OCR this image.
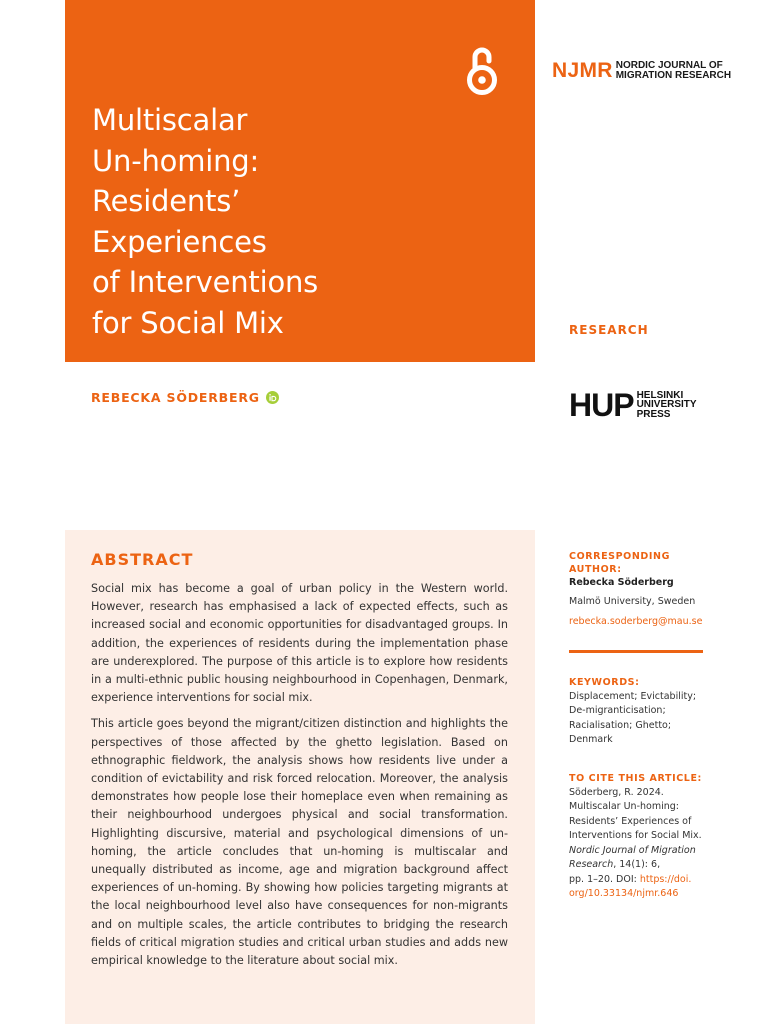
Multiscalar
Un-homing:
Residents’
Experiences
of Interventions
for Social Mix
NJMR NORDIC JOURNAL OF
MIGRATION RESEARCH
RESEARCH
REBECKA SÖDERBERG	HUP HELSINKI
UNIVERSITY
PRESS
ABSTRACT

Social mix has become a goal of urban policy in the Western world. However, research has emphasised a lack of expected effects, such as increased social and economic opportunities for disadvantaged groups. In addition, the experiences of residents during the implementation phase are underexplored. The purpose of this article is to explore how residents in a multi-ethnic public housing neighbourhood in Copenhagen, Denmark, experience interventions for social mix.

This article goes beyond the migrant/citizen distinction and highlights the perspectives of those affected by the ghetto legislation. Based on ethnographic fieldwork, the analysis shows how residents live under a condition of evictability and risk forced relocation. Moreover, the analysis demonstrates how people lose their homeplace even when remaining as their neighbourhood undergoes physical and social transformation. Highlighting discursive, material and psychological dimensions of un-homing, the article concludes that un-homing is multiscalar and unequally distributed as income, age and migration background affect experiences of un-homing. By showing how policies targeting migrants at the local neighbourhood level also have consequences for non-migrants and on multiple scales, the article contributes to bridging the research fields of critical migration studies and critical urban studies and adds new empirical knowledge to the literature about social mix.

CORRESPONDING
AUTHOR:
Rebecka Söderberg
Malmö University, Sweden
rebecka.soderberg@mau.se
KEYWORDS:
Displacement; Evictability;
De-migranticisation;
Racialisation; Ghetto;
Denmark
TO CITE THIS ARTICLE:
Söderberg, R. 2024.
Multiscalar Un-homing:
Residents’ Experiences of
Interventions for Social Mix.
Nordic Journal of Migration
Research, 14(1): 6,
pp. 1–20. DOI: https://doi.
org/10.33134/njmr.646
